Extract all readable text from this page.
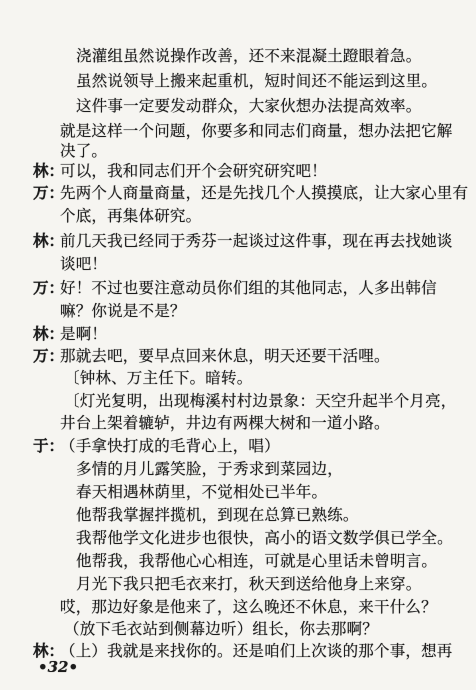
浇灌组虽然说操作改善，还不来混凝土蹬眼着急。
虽然说领导上搬来起重机，短时间还不能运到这里。
这件事一定要发动群众，大家伙想办法提高效率。
就是这样一个问题，你要多和同志们商量，想办法把它解
决了。
林：
可以，我和同志们开个会研究研究吧！
万：
先两个人商量商量，还是先找几个人摸摸底，让大家心里有
个底，再集体研究。
林：
前几天我已经同于秀芬一起谈过这件事，现在再去找她谈
谈吧！
万：
好！不过也要注意动员你们组的其他同志，人多出韩信
嘛？你说是不是？
林：
是啊！
万：
那就去吧，要早点回来休息，明天还要干活哩。
〔钟林、万主任下。暗转。
〔灯光复明，出现梅溪村村边景象：天空升起半个月亮，
井台上架着辘轳，井边有两棵大树和一道小路。
于：
（手拿快打成的毛背心上，唱）
多情的月儿露笑脸，于秀求到菜园边，
春天相遇林荫里，不觉相处已半年。
他帮我掌握拌揽机，到现在总算已熟练。
我帮他学文化进步也很快，高小的语文数学俱已学全。
他帮我，我帮他心心相连，可就是心里话未曾明言。
月光下我只把毛衣来打，秋天到送给他身上来穿。
哎，那边好象是他来了，这么晚还不休息，来干什么？
（放下毛衣站到侧幕边听）组长，你去那啊？
林：
（上）我就是来找你的。还是咱们上次谈的那个事，想再
•32•
